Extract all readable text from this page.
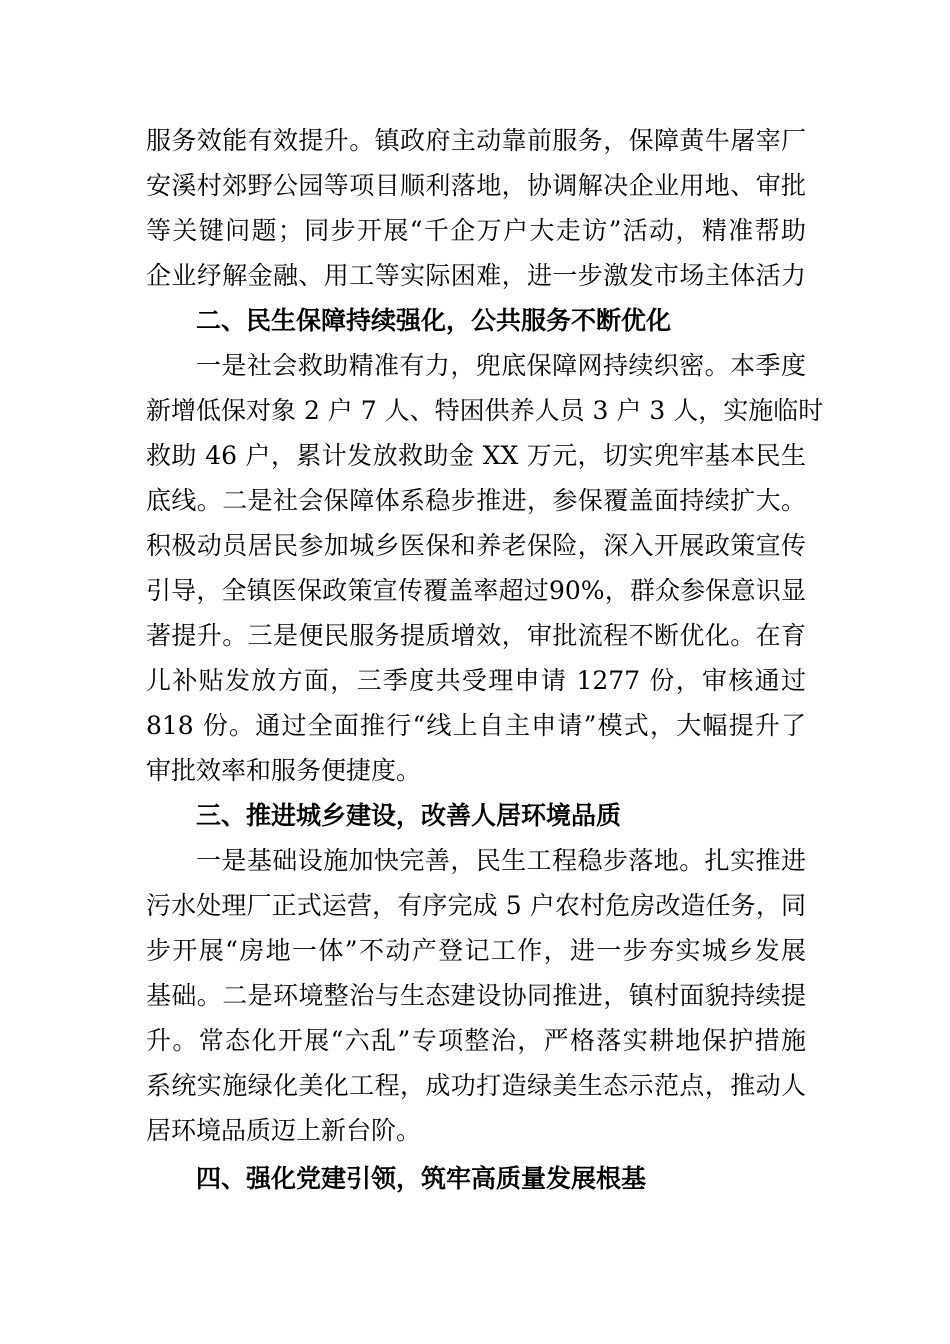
服务效能有效提升。镇政府主动靠前服务，保障黄牛屠宰厂
安溪村郊野公园等项目顺利落地，协调解决企业用地、审批
等关键问题；同步开展“千企万户大走访”活动，精准帮助
企业纾解金融、用工等实际困难，进一步激发市场主体活力
二、民生保障持续强化，公共服务不断优化
一是社会救助精准有力，兜底保障网持续织密。本季度
新增低保对象 2 户 7 人、特困供养人员 3 户 3 人，实施临时
救助 46 户，累计发放救助金 XX 万元，切实兜牢基本民生
底线。二是社会保障体系稳步推进，参保覆盖面持续扩大。
积极动员居民参加城乡医保和养老保险，深入开展政策宣传
引导，全镇医保政策宣传覆盖率超过90%，群众参保意识显
著提升。三是便民服务提质增效，审批流程不断优化。在育
儿补贴发放方面，三季度共受理申请 1277 份，审核通过
818 份。通过全面推行“线上自主申请”模式，大幅提升了
审批效率和服务便捷度。
三、推进城乡建设，改善人居环境品质
一是基础设施加快完善，民生工程稳步落地。扎实推进
污水处理厂正式运营，有序完成 5 户农村危房改造任务，同
步开展“房地一体”不动产登记工作，进一步夯实城乡发展
基础。二是环境整治与生态建设协同推进，镇村面貌持续提
升。常态化开展“六乱”专项整治，严格落实耕地保护措施
系统实施绿化美化工程，成功打造绿美生态示范点，推动人
居环境品质迈上新台阶。
四、强化党建引领，筑牢高质量发展根基
